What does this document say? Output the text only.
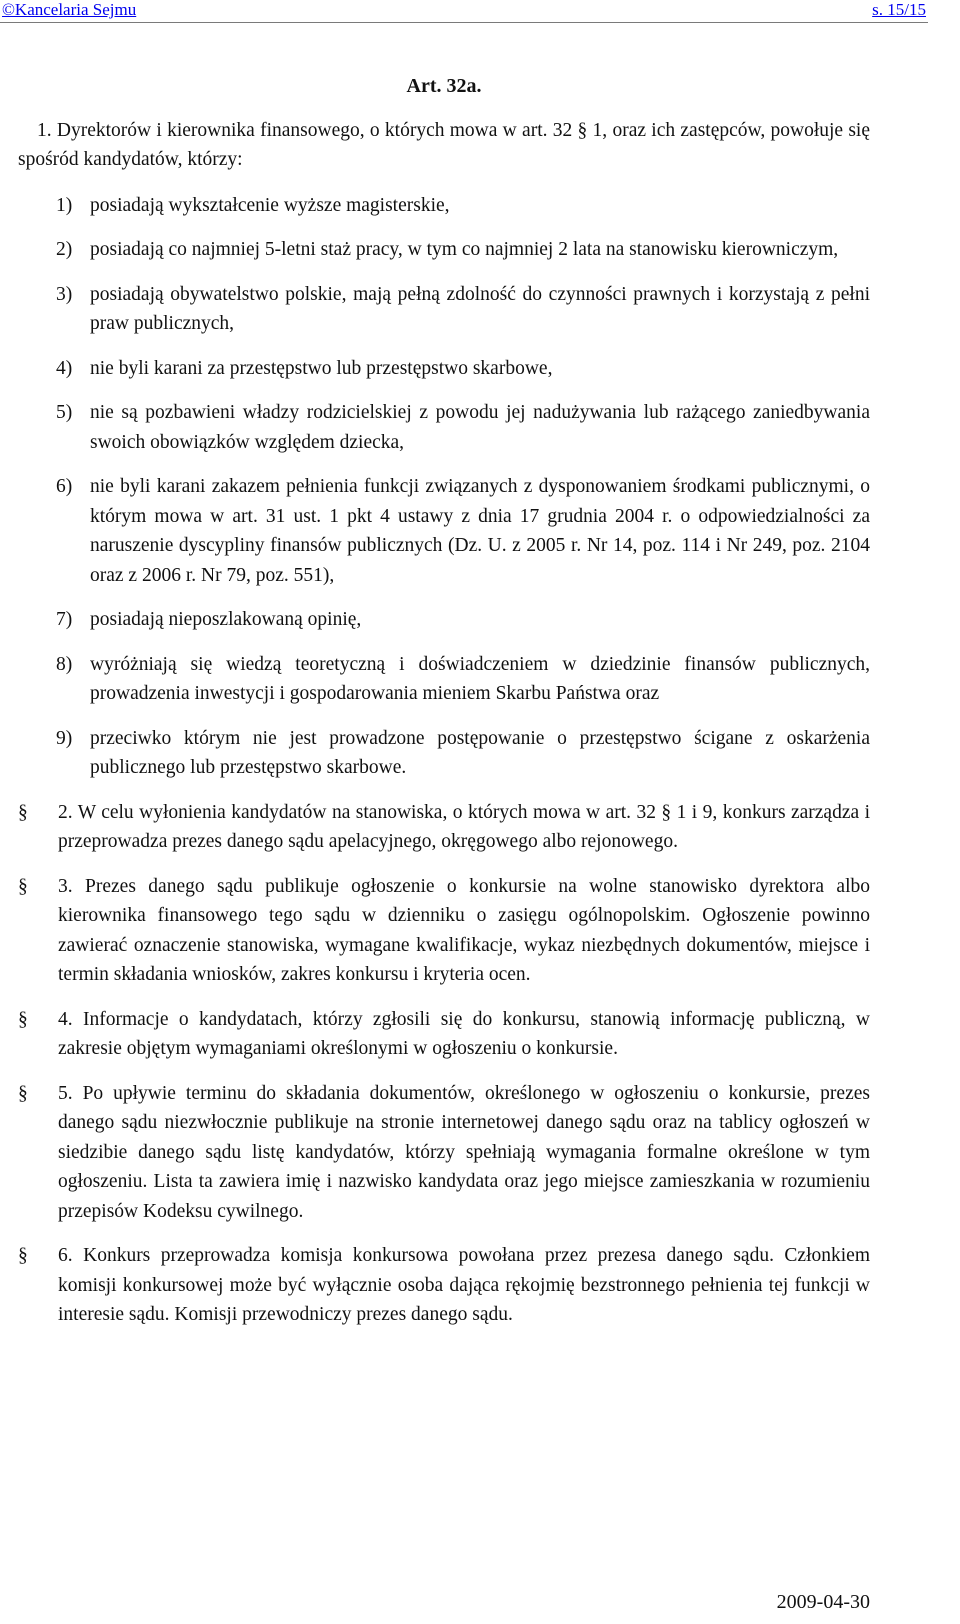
©Kancelaria Sejmu	s. 15/15
Art. 32a.
1. Dyrektorów i kierownika finansowego, o których mowa w art. 32 § 1, oraz ich zastępców, powołuje się spośród kandydatów, którzy:
1) posiadają wykształcenie wyższe magisterskie,
2) posiadają co najmniej 5-letni staż pracy, w tym co najmniej 2 lata na stanowisku kierowniczym,
3) posiadają obywatelstwo polskie, mają pełną zdolność do czynności prawnych i korzystają z pełni praw publicznych,
4) nie byli karani za przestępstwo lub przestępstwo skarbowe,
5) nie są pozbawieni władzy rodzicielskiej z powodu jej nadużywania lub rażącego zaniedbywania swoich obowiązków względem dziecka,
6) nie byli karani zakazem pełnienia funkcji związanych z dysponowaniem środkami publicznymi, o którym mowa w art. 31 ust. 1 pkt 4 ustawy z dnia 17 grudnia 2004 r. o odpowiedzialności za naruszenie dyscypliny finansów publicznych (Dz. U. z 2005 r. Nr 14, poz. 114 i Nr 249, poz. 2104 oraz z 2006 r. Nr 79, poz. 551),
7) posiadają nieposzlakowaną opinię,
8) wyróżniają się wiedzą teoretyczną i doświadczeniem w dziedzinie finansów publicznych, prowadzenia inwestycji i gospodarowania mieniem Skarbu Państwa oraz
9) przeciwko którym nie jest prowadzone postępowanie o przestępstwo ścigane z oskarżenia publicznego lub przestępstwo skarbowe.
§ 2. W celu wyłonienia kandydatów na stanowiska, o których mowa w art. 32 § 1 i 9, konkurs zarządza i przeprowadza prezes danego sądu apelacyjnego, okręgowego albo rejonowego.
§ 3. Prezes danego sądu publikuje ogłoszenie o konkursie na wolne stanowisko dyrektora albo kierownika finansowego tego sądu w dzienniku o zasięgu ogólnopolskim. Ogłoszenie powinno zawierać oznaczenie stanowiska, wymagane kwalifikacje, wykaz niezbędnych dokumentów, miejsce i termin składania wniosków, zakres konkursu i kryteria ocen.
§ 4. Informacje o kandydatach, którzy zgłosili się do konkursu, stanowią informację publiczną, w zakresie objętym wymaganiami określonymi w ogłoszeniu o konkursie.
§ 5. Po upływie terminu do składania dokumentów, określonego w ogłoszeniu o konkursie, prezes danego sądu niezwłocznie publikuje na stronie internetowej danego sądu oraz na tablicy ogłoszeń w siedzibie danego sądu listę kandydatów, którzy spełniają wymagania formalne określone w tym ogłoszeniu. Lista ta zawiera imię i nazwisko kandydata oraz jego miejsce zamieszkania w rozumieniu przepisów Kodeksu cywilnego.
§ 6. Konkurs przeprowadza komisja konkursowa powołana przez prezesa danego sądu. Członkiem komisji konkursowej może być wyłącznie osoba dająca rękojmię bezstronnego pełnienia tej funkcji w interesie sądu. Komisji przewodniczy prezes danego sądu.
2009-04-30
